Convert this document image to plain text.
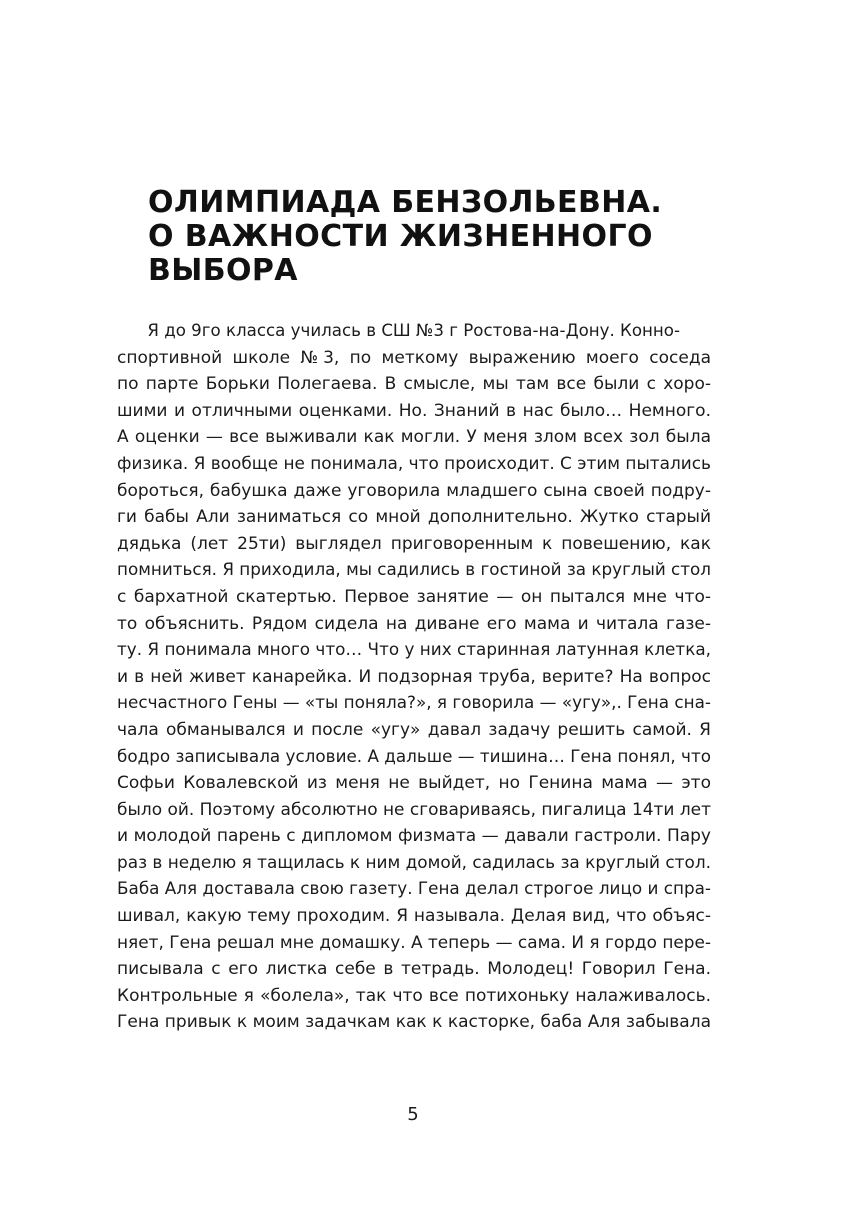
ОЛИМПИАДА БЕНЗОЛЬЕВНА.
О ВАЖНОСТИ ЖИЗНЕННОГО
ВЫБОРА
Я до 9го класса училась в СШ №3 г Ростова-на-Дону. Конно-
спортивной школе №3, по меткому выражению моего соседа
по парте Борьки Полегаева. В смысле, мы там все были с хоро-
шими и отличными оценками. Но. Знаний в нас было… Немного.
А оценки — все выживали как могли. У меня злом всех зол была
физика. Я вообще не понимала, что происходит. С этим пытались
бороться, бабушка даже уговорила младшего сына своей подру-
ги бабы Али заниматься со мной дополнительно. Жутко старый
дядька (лет 25ти) выглядел приговоренным к повешению, как
помниться. Я приходила, мы садились в гостиной за круглый стол
с бархатной скатертью. Первое занятие — он пытался мне что-
то объяснить. Рядом сидела на диване его мама и читала газе-
ту. Я понимала много что… Что у них старинная латунная клетка,
и в ней живет канарейка. И подзорная труба, верите? На вопрос
несчастного Гены — «ты поняла?», я говорила — «угу»,. Гена сна-
чала обманывался и после «угу» давал задачу решить самой. Я
бодро записывала условие. А дальше — тишина… Гена понял, что
Софьи Ковалевской из меня не выйдет, но Генина мама — это
было ой. Поэтому абсолютно не сговариваясь, пигалица 14ти лет
и молодой парень с дипломом физмата — давали гастроли. Пару
раз в неделю я тащилась к ним домой, садилась за круглый стол.
Баба Аля доставала свою газету. Гена делал строгое лицо и спра-
шивал, какую тему проходим. Я называла. Делая вид, что объяс-
няет, Гена решал мне домашку. А теперь — сама. И я гордо пере-
писывала с его листка себе в тетрадь. Молодец! Говорил Гена.
Контрольные я «болела», так что все потихоньку налаживалось.
Гена привык к моим задачкам как к касторке, баба Аля забывала
5
